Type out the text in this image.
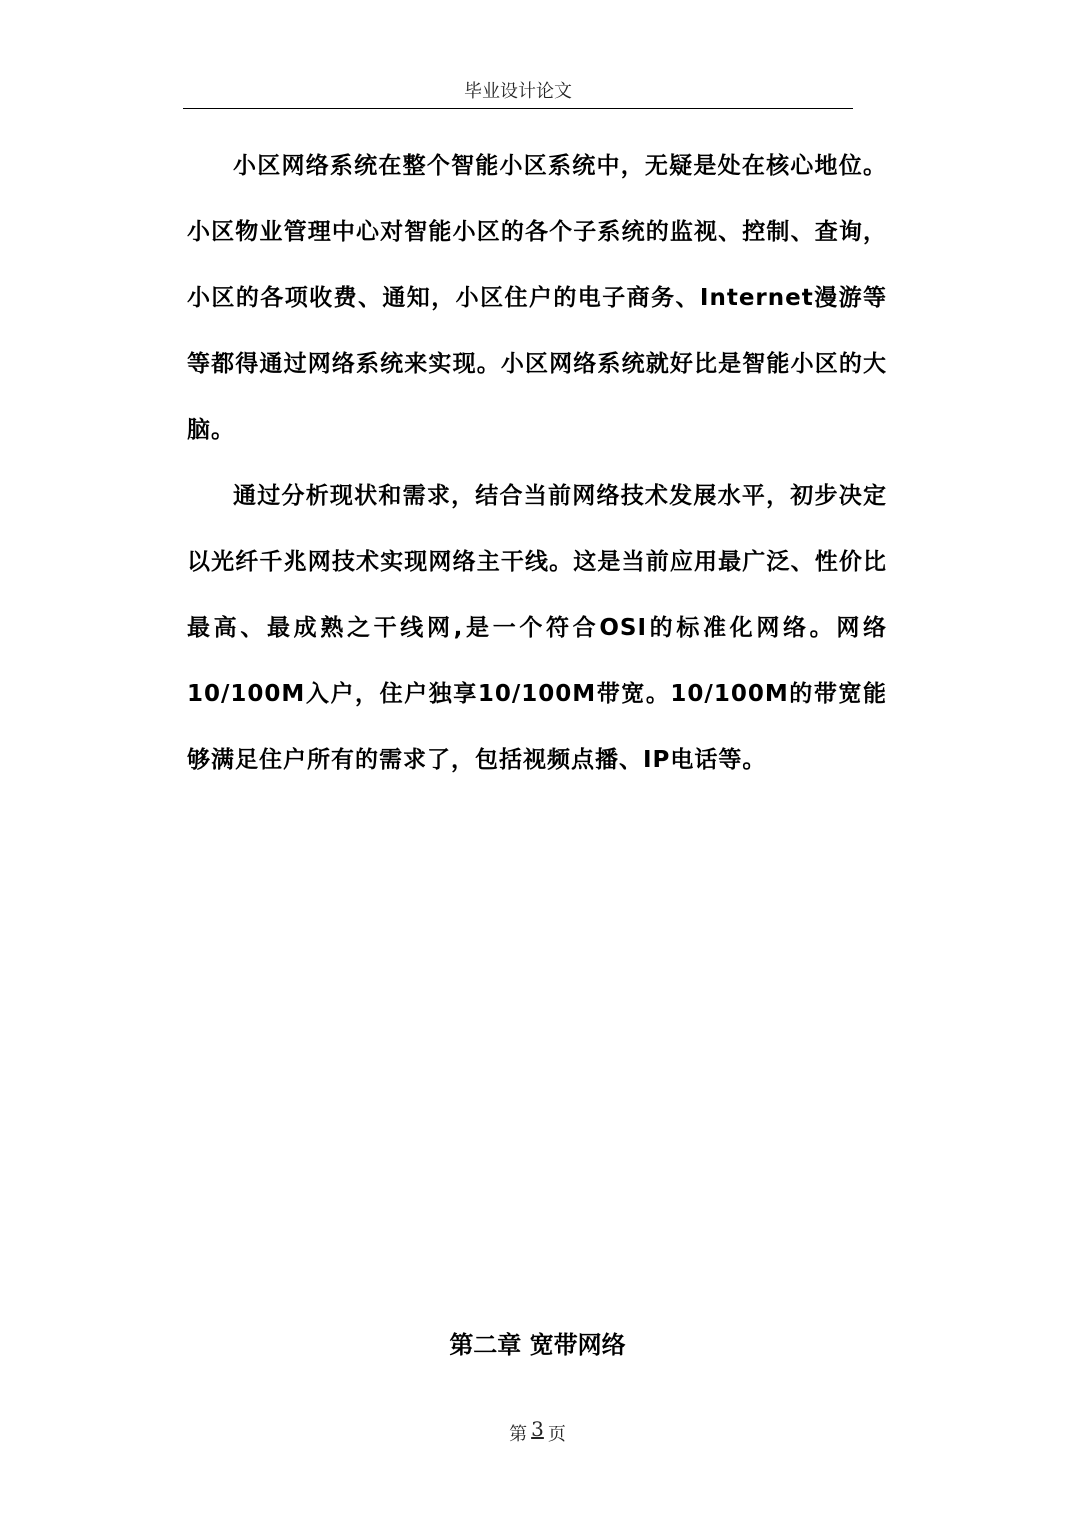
毕业设计论文

小区网络系统在整个智能小区系统中，无疑是处在核心地位。小区物业管理中心对智能小区的各个子系统的监视、控制、查询，小区的各项收费、通知，小区住户的电子商务、Internet漫游等等都得通过网络系统来实现。小区网络系统就好比是智能小区的大脑。

通过分析现状和需求，结合当前网络技术发展水平，初步决定以光纤千兆网技术实现网络主干线。这是当前应用最广泛、性价比最高、最成熟之干线网,是一个符合OSI的标准化网络。网络10/100M入户，住户独享10/100M带宽。10/100M的带宽能够满足住户所有的需求了，包括视频点播、IP电话等。

第二章 宽带网络
第 3 页
